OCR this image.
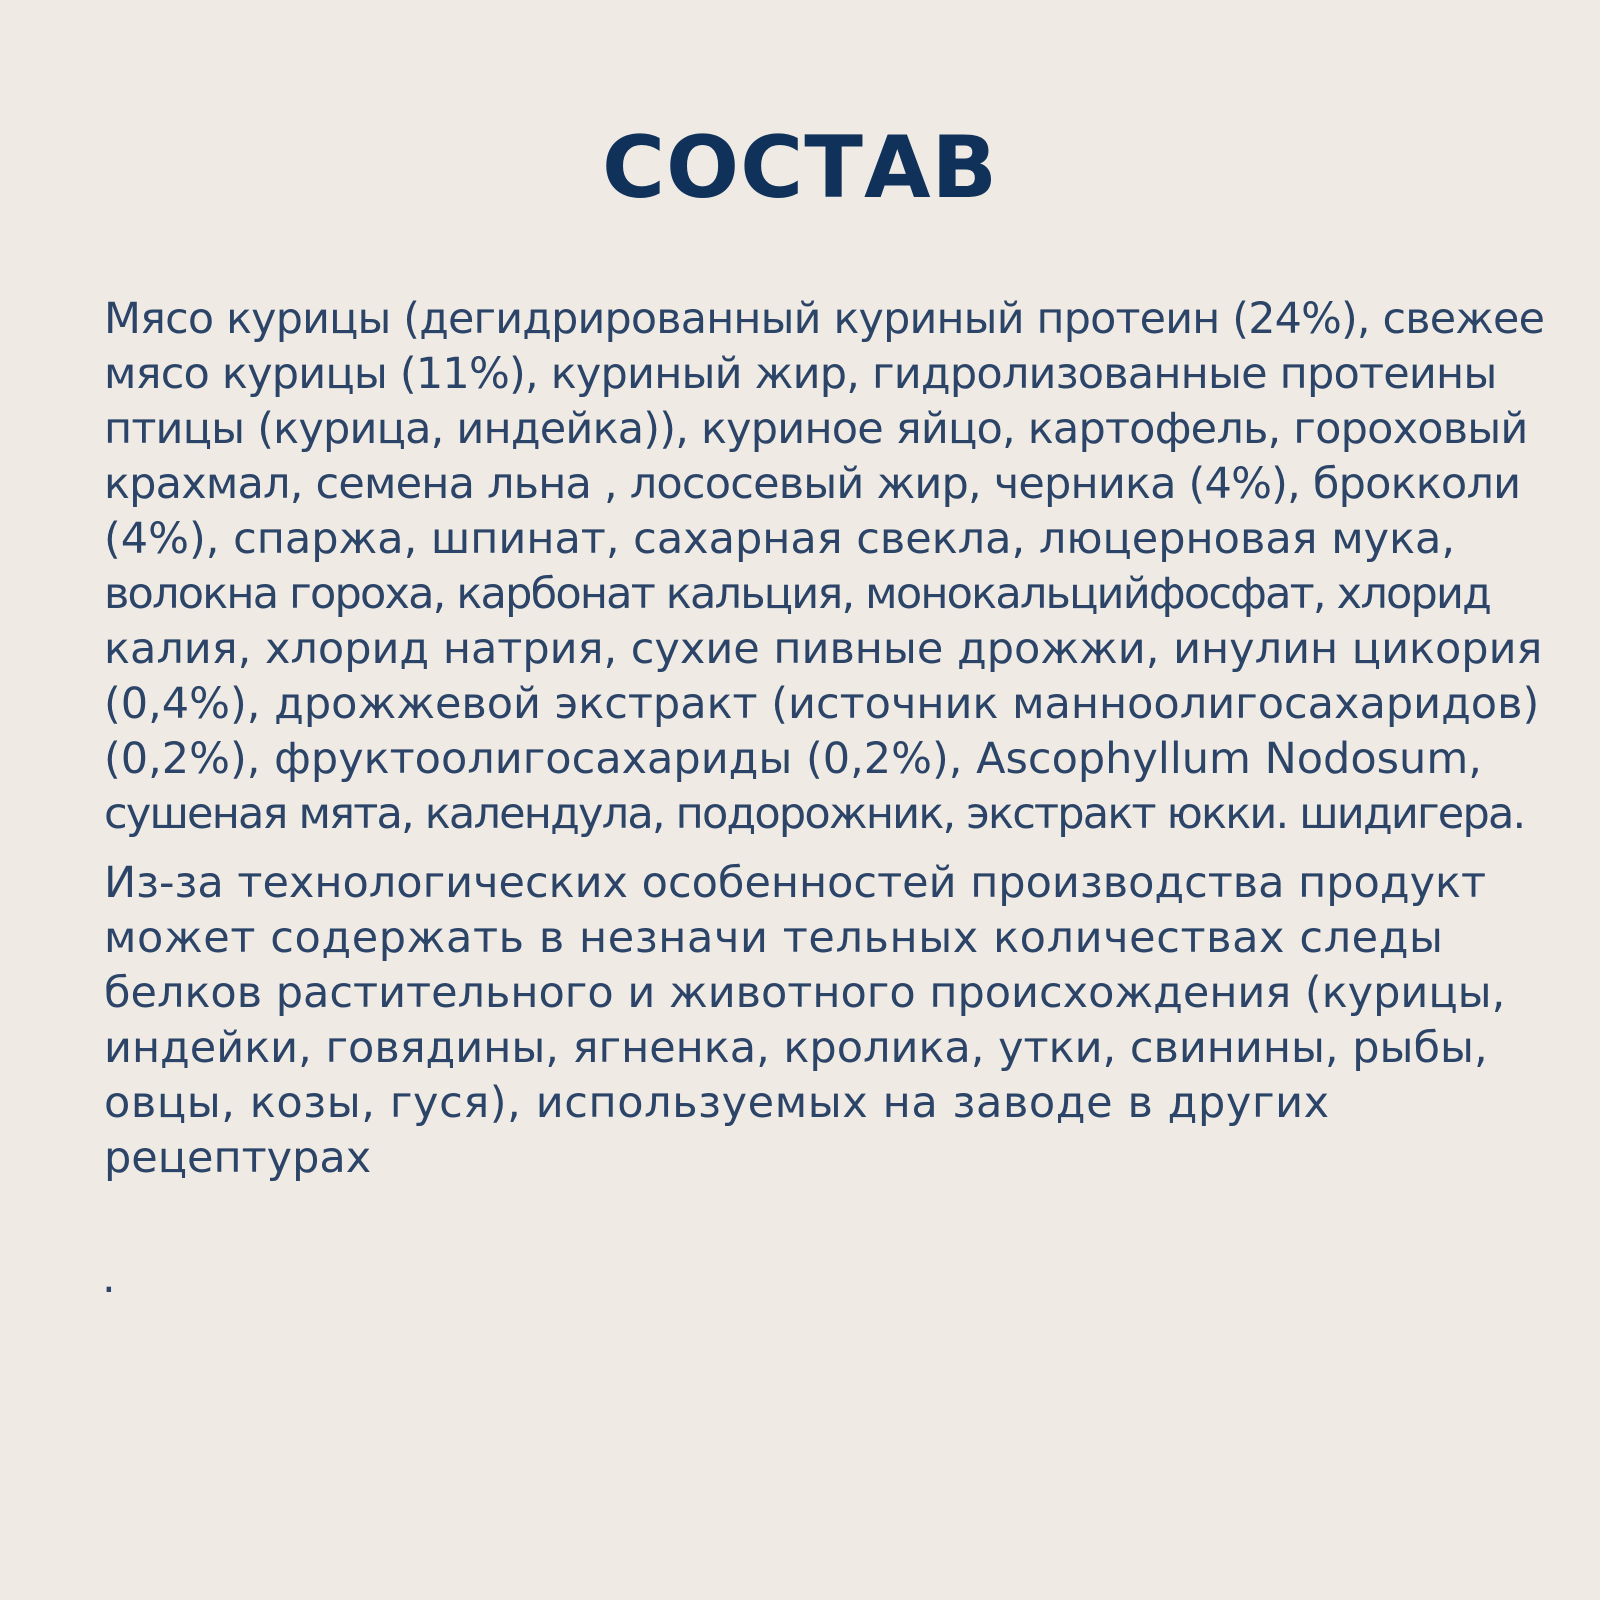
СОСТАВ
Мясо курицы (дегидрированный куриный протеин (24%), свежее
мясо курицы (11%), куриный жир, гидролизованные протеины
птицы (курица, индейка)), куриное яйцо, картофель, гороховый
крахмал, семена льна , лососевый жир, черника (4%), брокколи
(4%), спаржа, шпинат, сахарная свекла, люцерновая мука,
волокна гороха, карбонат кальция, монокальцийфосфат, хлорид
калия, хлорид натрия, сухие пивные дрожжи, инулин цикория
(0,4%), дрожжевой экстракт (источник манноолигосахаридов)
(0,2%), фруктоолигосахариды (0,2%), Ascophyllum Nodosum,
сушеная мята, календула, подорожник, экстракт юкки. шидигера.
Из-за технологических особенностей производства продукт
может содержать в незначи тельных количествах следы
белков растительного и животного происхождения (курицы,
индейки, говядины, ягненка, кролика, утки, свинины, рыбы,
овцы, козы, гуся), используемых на заводе в других
рецептурах
.
